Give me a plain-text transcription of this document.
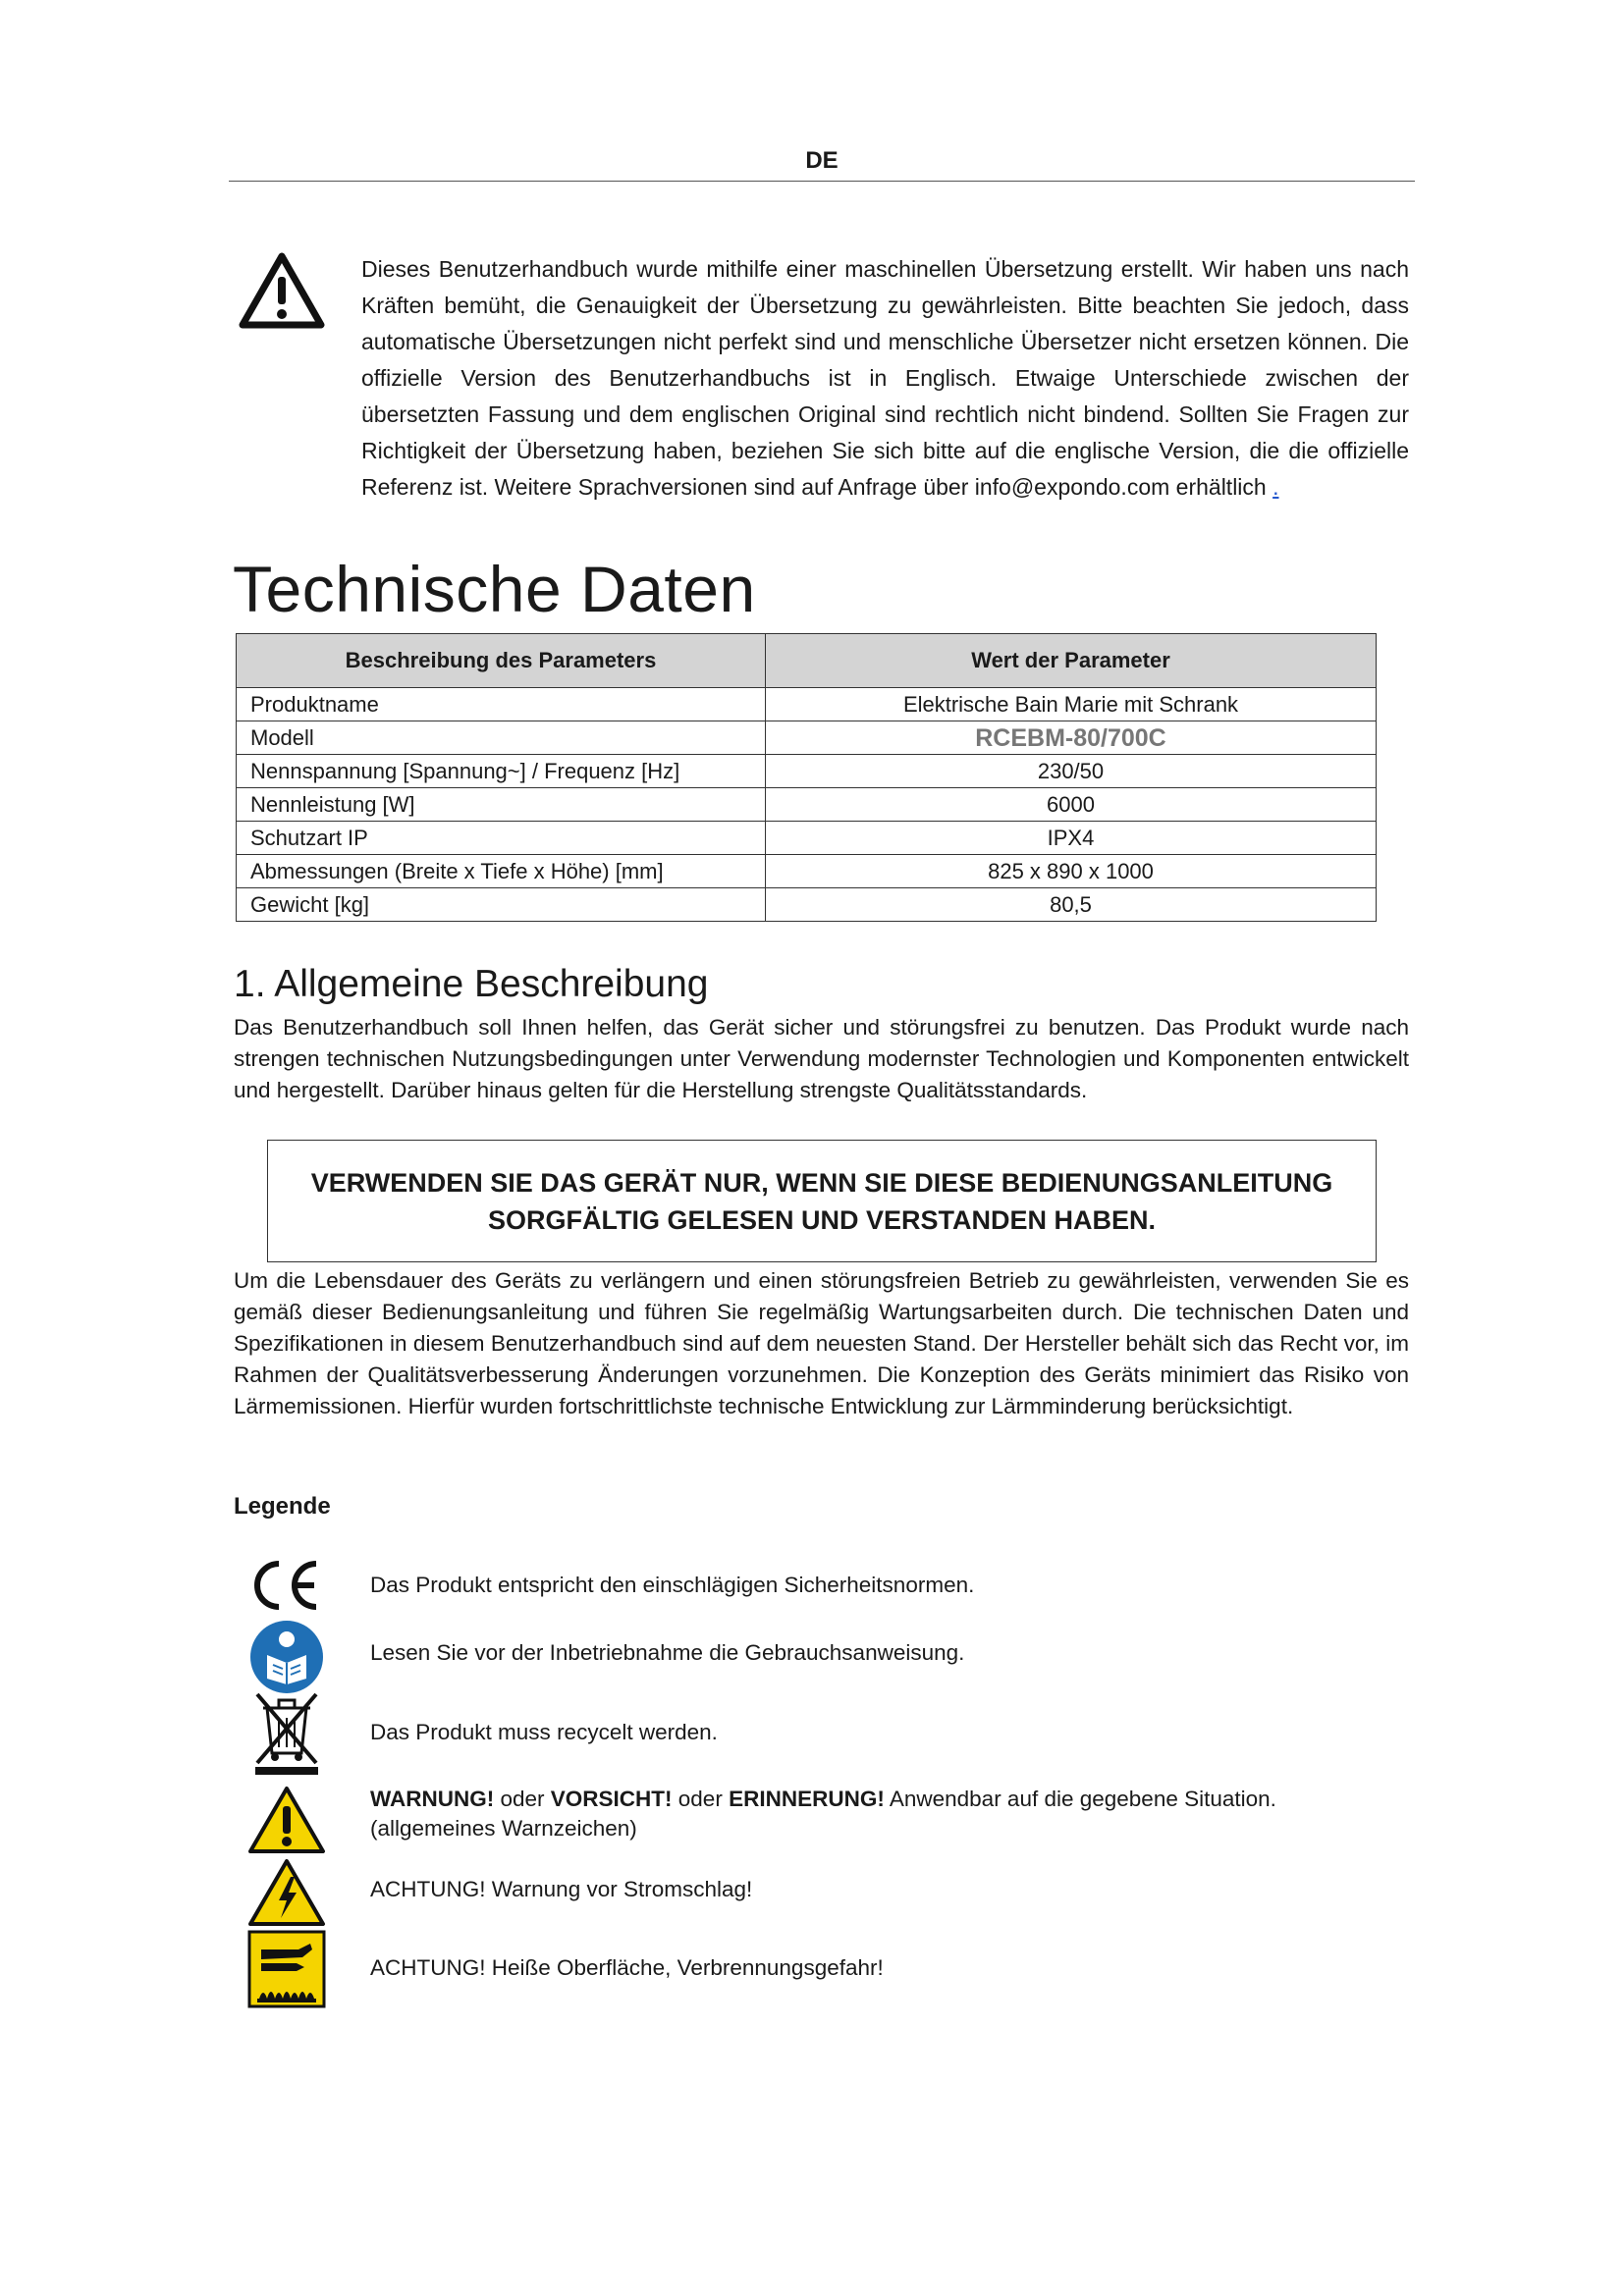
DE

Dieses Benutzerhandbuch wurde mithilfe einer maschinellen Übersetzung erstellt. Wir haben uns nach Kräften bemüht, die Genauigkeit der Übersetzung zu gewährleisten. Bitte beachten Sie jedoch, dass automatische Übersetzungen nicht perfekt sind und menschliche Übersetzer nicht ersetzen können. Die offizielle Version des Benutzerhandbuchs ist in Englisch. Etwaige Unterschiede zwischen der übersetzten Fassung und dem englischen Original sind rechtlich nicht bindend. Sollten Sie Fragen zur Richtigkeit der Übersetzung haben, beziehen Sie sich bitte auf die englische Version, die die offizielle Referenz ist. Weitere Sprachversionen sind auf Anfrage über info@expondo.com erhältlich .

Technische Daten
Beschreibung des Parameters	Wert der Parameter
Produktname	Elektrische Bain Marie mit Schrank
Modell	RCEBM-80/700C
Nennspannung [Spannung~] / Frequenz [Hz]	230/50
Nennleistung [W]	6000
Schutzart IP	IPX4
Abmessungen (Breite x Tiefe x Höhe) [mm]	825 x 890 x 1000
Gewicht [kg]	80,5
1. Allgemeine Beschreibung

Das Benutzerhandbuch soll Ihnen helfen, das Gerät sicher und störungsfrei zu benutzen. Das Produkt wurde nach strengen technischen Nutzungsbedingungen unter Verwendung modernster Technologien und Komponenten entwickelt und hergestellt. Darüber hinaus gelten für die Herstellung strengste Qualitätsstandards.

VERWENDEN SIE DAS GERÄT NUR, WENN SIE DIESE BEDIENUNGSANLEITUNG
SORGFÄLTIG GELESEN UND VERSTANDEN HABEN.

Um die Lebensdauer des Geräts zu verlängern und einen störungsfreien Betrieb zu gewährleisten, verwenden Sie es gemäß dieser Bedienungsanleitung und führen Sie regelmäßig Wartungsarbeiten durch. Die technischen Daten und Spezifikationen in diesem Benutzerhandbuch sind auf dem neuesten Stand. Der Hersteller behält sich das Recht vor, im Rahmen der Qualitätsverbesserung Änderungen vorzunehmen. Die Konzeption des Geräts minimiert das Risiko von Lärmemissionen. Hierfür wurden fortschrittlichste technische Entwicklung zur Lärmminderung berücksichtigt.

Legende
Das Produkt entspricht den einschlägigen Sicherheitsnormen.
Lesen Sie vor der Inbetriebnahme die Gebrauchsanweisung.
Das Produkt muss recycelt werden.
WARNUNG! oder VORSICHT! oder ERINNERUNG! Anwendbar auf die gegebene Situation.
(allgemeines Warnzeichen)
ACHTUNG! Warnung vor Stromschlag!
ACHTUNG! Heiße Oberfläche, Verbrennungsgefahr!
